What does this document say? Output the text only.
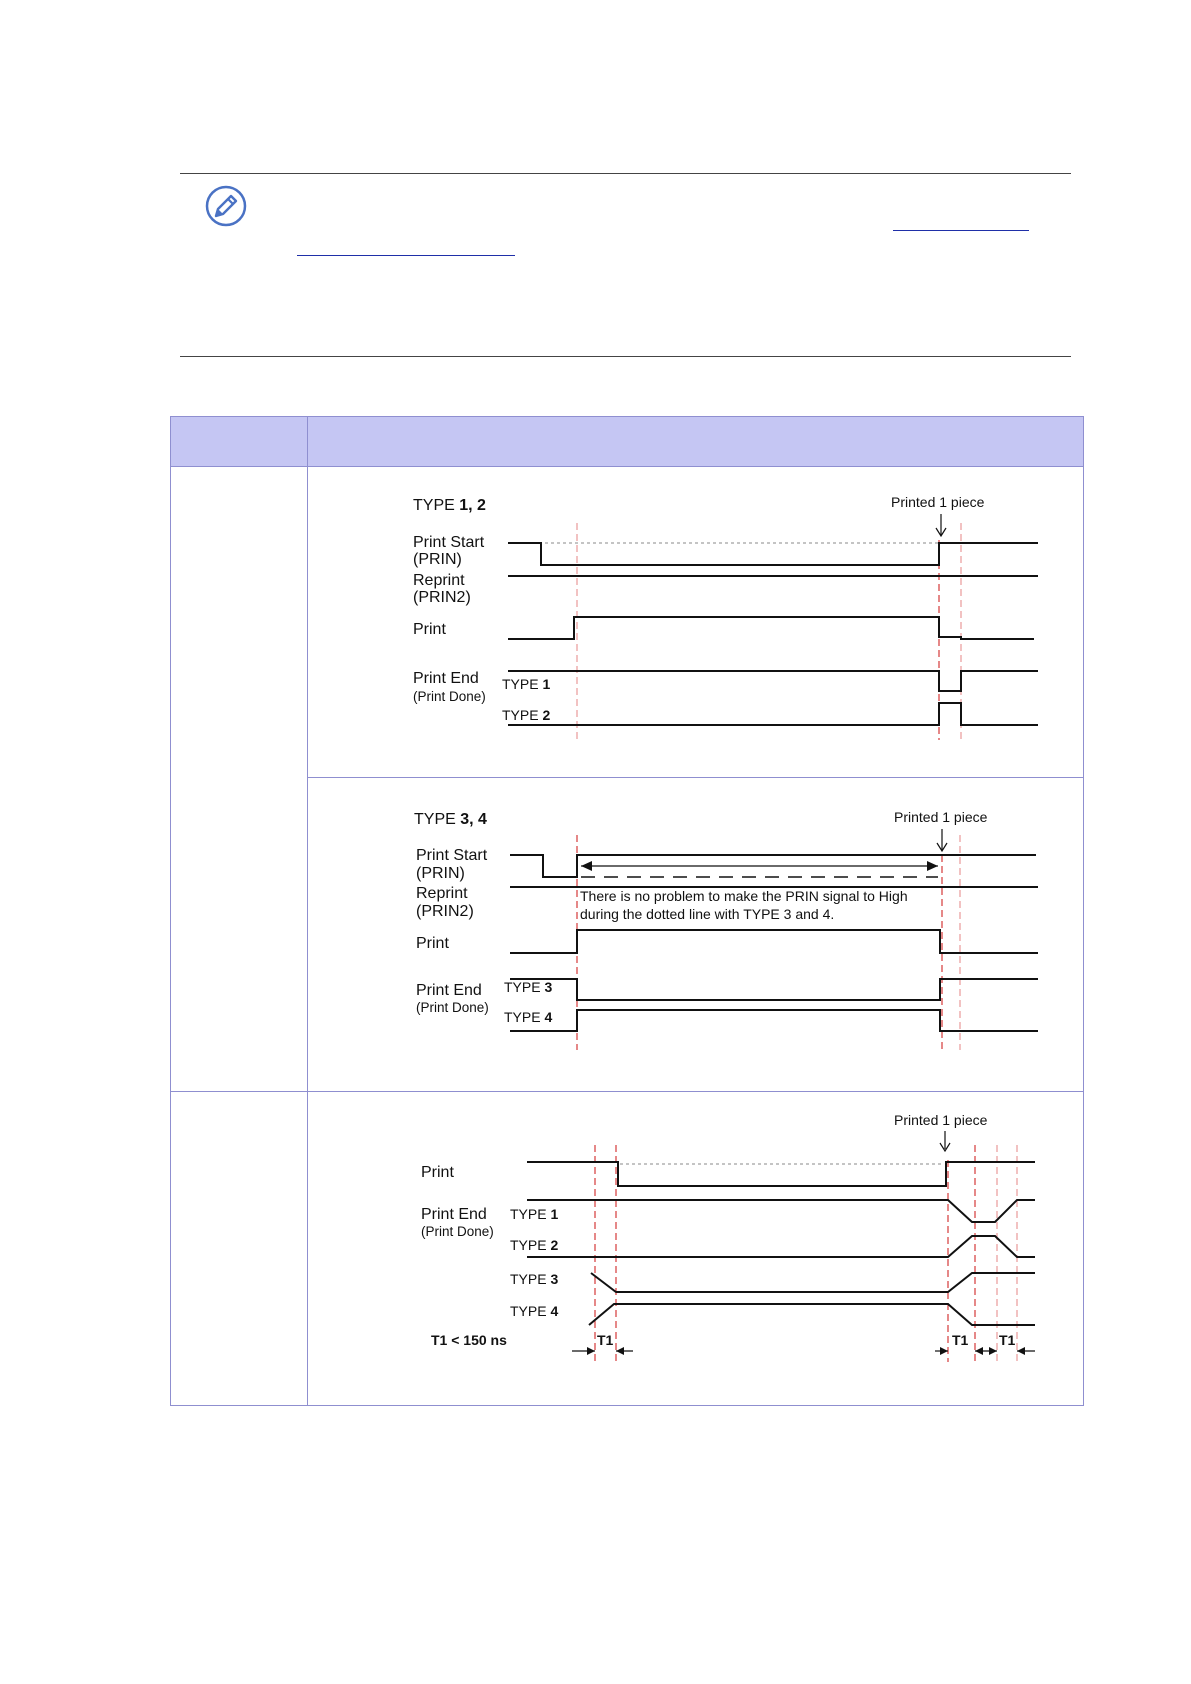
TYPE 1, 2	Printed 1 piece
Print Start
(PRIN)
Reprint
(PRIN2)
Print
Print End
(Print Done)
TYPE 1
TYPE 2
TYPE 3, 4	Printed 1 piece
Print Start
(PRIN)
Reprint
(PRIN2)
There is no problem to make the PRIN signal to High
during the dotted line with TYPE 3 and 4.
Print
Print End
(Print Done)
TYPE 3
TYPE 4
Printed 1 piece
Print
Print End
(Print Done)
TYPE 1
TYPE 2
TYPE 3
TYPE 4
T1 < 150 ns	T1	T1 T1
